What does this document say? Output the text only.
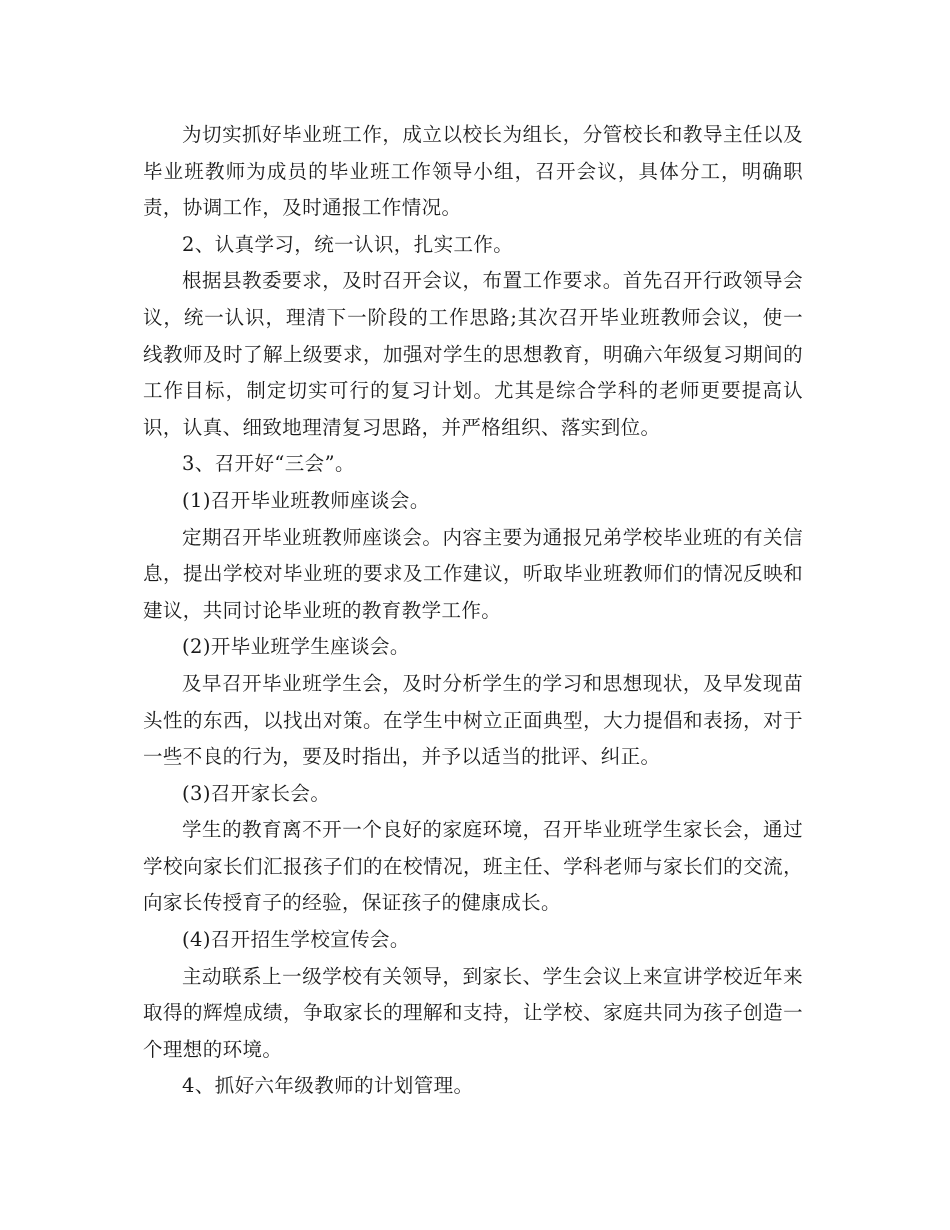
为切实抓好毕业班工作，成立以校长为组长，分管校长和教导主任以及毕业班教师为成员的毕业班工作领导小组，召开会议，具体分工，明确职责，协调工作，及时通报工作情况。

2、认真学习，统一认识，扎实工作。

根据县教委要求，及时召开会议，布置工作要求。首先召开行政领导会议，统一认识，理清下一阶段的工作思路;其次召开毕业班教师会议，使一线教师及时了解上级要求，加强对学生的思想教育，明确六年级复习期间的工作目标，制定切实可行的复习计划。尤其是综合学科的老师更要提高认识，认真、细致地理清复习思路，并严格组织、落实到位。

3、召开好“三会”。

(1)召开毕业班教师座谈会。

定期召开毕业班教师座谈会。内容主要为通报兄弟学校毕业班的有关信息，提出学校对毕业班的要求及工作建议，听取毕业班教师们的情况反映和建议，共同讨论毕业班的教育教学工作。

(2)开毕业班学生座谈会。

及早召开毕业班学生会，及时分析学生的学习和思想现状，及早发现苗头性的东西，以找出对策。在学生中树立正面典型，大力提倡和表扬，对于一些不良的行为，要及时指出，并予以适当的批评、纠正。

(3)召开家长会。

学生的教育离不开一个良好的家庭环境，召开毕业班学生家长会，通过学校向家长们汇报孩子们的在校情况，班主任、学科老师与家长们的交流，向家长传授育子的经验，保证孩子的健康成长。

(4)召开招生学校宣传会。

主动联系上一级学校有关领导，到家长、学生会议上来宣讲学校近年来取得的辉煌成绩，争取家长的理解和支持，让学校、家庭共同为孩子创造一个理想的环境。

4、抓好六年级教师的计划管理。
